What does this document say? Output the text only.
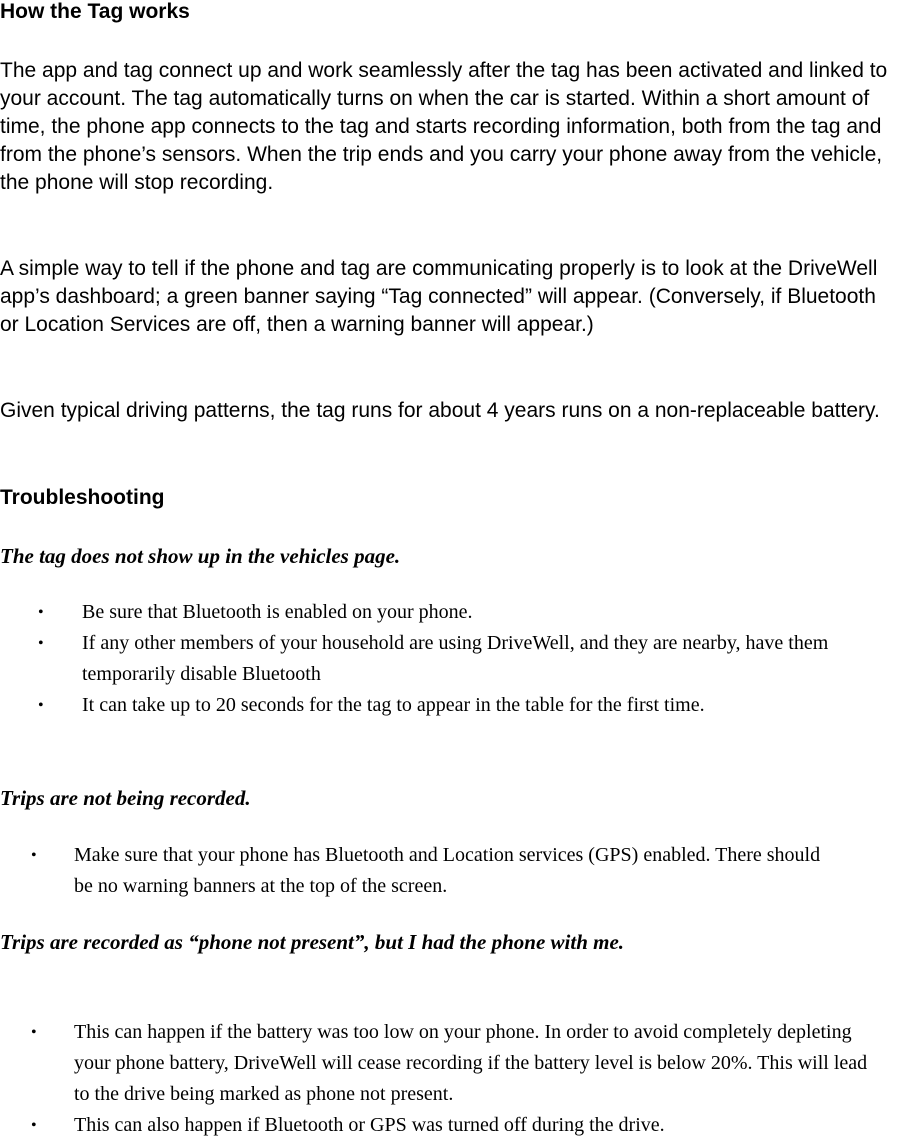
How the Tag works

The app and tag connect up and work seamlessly after the tag has been activated and linked to your account. The tag automatically turns on when the car is started. Within a short amount of time, the phone app connects to the tag and starts recording information, both from the tag and from the phone’s sensors. When the trip ends and you carry your phone away from the vehicle, the phone will stop recording.

A simple way to tell if the phone and tag are communicating properly is to look at the DriveWell app’s dashboard; a green banner saying “Tag connected” will appear. (Conversely, if Bluetooth or Location Services are off, then a warning banner will appear.)

Given typical driving patterns, the tag runs for about 4 years runs on a non-replaceable battery.

Troubleshooting
The tag does not show up in the vehicles page.
• Be sure that Bluetooth is enabled on your phone.
• If any other members of your household are using DriveWell, and they are nearby, have them temporarily disable Bluetooth
• It can take up to 20 seconds for the tag to appear in the table for the first time.
Trips are not being recorded.
• Make sure that your phone has Bluetooth and Location services (GPS) enabled. There should be no warning banners at the top of the screen.
Trips are recorded as “phone not present”, but I had the phone with me.
• This can happen if the battery was too low on your phone. In order to avoid completely depleting your phone battery, DriveWell will cease recording if the battery level is below 20%. This will lead to the drive being marked as phone not present.
• This can also happen if Bluetooth or GPS was turned off during the drive.
